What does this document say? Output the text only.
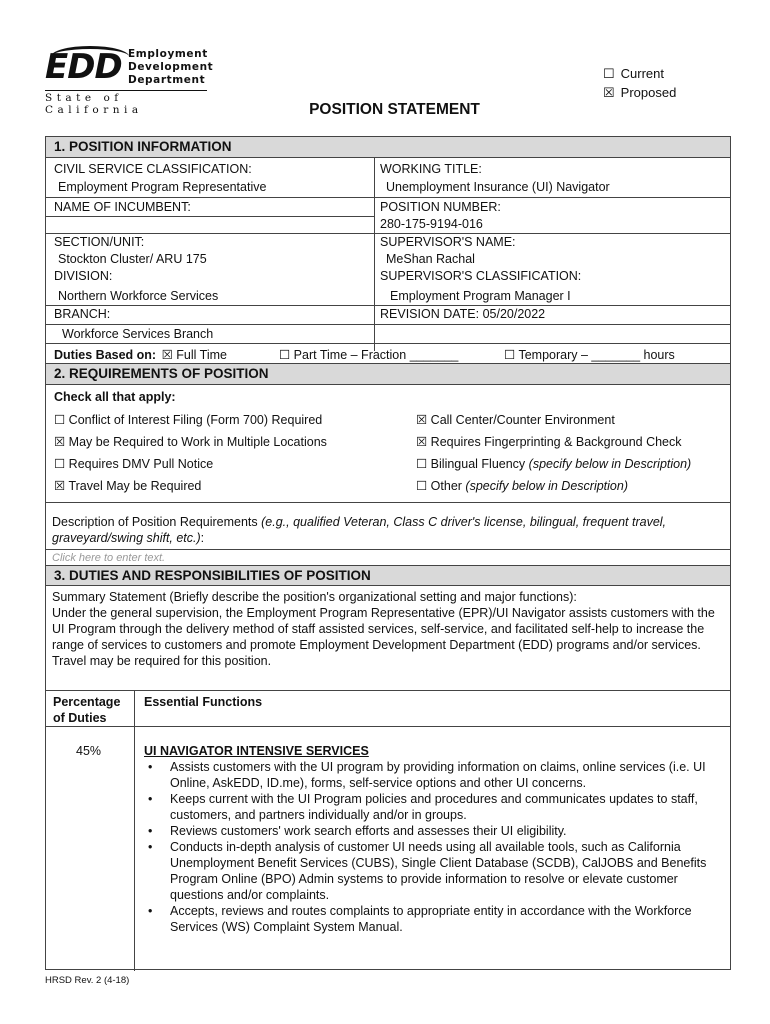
EDD Employment
Development
Department
State of California
☐ Current
☒ Proposed
POSITION STATEMENT
1. POSITION INFORMATION
CIVIL SERVICE CLASSIFICATION:	WORKING TITLE:
Employment Program Representative	Unemployment Insurance (UI) Navigator
NAME OF INCUMBENT:	POSITION NUMBER:
280-175-9194-016
SECTION/UNIT:	SUPERVISOR'S NAME:
Stockton Cluster/ ARU 175	MeShan Rachal
DIVISION:	SUPERVISOR'S CLASSIFICATION:
Northern Workforce Services	Employment Program Manager I
BRANCH:	REVISION DATE: 05/20/2022
Workforce Services Branch
Duties Based on: ☒ Full Time	☐ Part Time – Fraction _______	☐ Temporary – _______ hours
2. REQUIREMENTS OF POSITION
Check all that apply:
☐ Conflict of Interest Filing (Form 700) Required
☒ May be Required to Work in Multiple Locations
☐ Requires DMV Pull Notice
☒ Travel May be Required
☒ Call Center/Counter Environment
☒ Requires Fingerprinting & Background Check
☐ Bilingual Fluency (specify below in Description)
☐ Other (specify below in Description)
Description of Position Requirements (e.g., qualified Veteran, Class C driver's license, bilingual, frequent travel, graveyard/swing shift, etc.):
Click here to enter text.
3. DUTIES AND RESPONSIBILITIES OF POSITION
Summary Statement (Briefly describe the position's organizational setting and major functions):
Under the general supervision, the Employment Program Representative (EPR)/UI Navigator assists customers with the UI Program through the delivery method of staff assisted services, self-service, and facilitated self-help to increase the range of services to customers and promote Employment Development Department (EDD) programs and/or services.
Travel may be required for this position.
Percentage of Duties
Essential Functions
45%	UI NAVIGATOR INTENSIVE SERVICES
• Assists customers with the UI program by providing information on claims, online services (i.e. UI Online, AskEDD, ID.me), forms, self-service options and other UI concerns.
• Keeps current with the UI Program policies and procedures and communicates updates to staff, customers, and partners individually and/or in groups.
• Reviews customers' work search efforts and assesses their UI eligibility.
• Conducts in-depth analysis of customer UI needs using all available tools, such as California Unemployment Benefit Services (CUBS), Single Client Database (SCDB), CalJOBS and Benefits Program Online (BPO) Admin systems to provide information to resolve or elevate customer questions and/or complaints.
• Accepts, reviews and routes complaints to appropriate entity in accordance with the Workforce Services (WS) Complaint System Manual.
HRSD Rev. 2 (4-18)
